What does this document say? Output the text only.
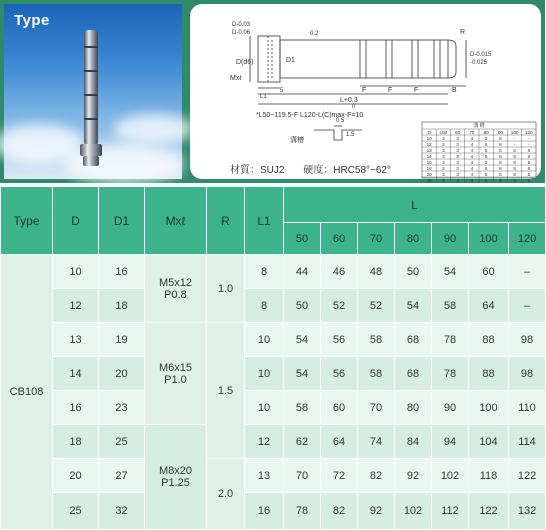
Type	D-0.03
D-0.06	0.2	R
D(d6)	D1
Mxℓ
L1
5	F	F	F	B
L+0.3
0
D-0.015
-0.025
*L50~119.5-F L120-L(C)max-F=10
溝槽
0.5
1.5
溝 槽
D L50 60 70 80 90 100 120
10 3	3	4	5	6	-	-
12 3	3	4	5	6	-	-
13 3	3	4	5	6	6	6
14 3	3	4	5	6	6	6
16 3	3	4	5	6	6	6
18 3	3	4	5	6	6	6
20 3	3	4	5	6	6	6
25 3	3	4	5	6	6	6
材質：SUJ2 硬度：HRC58°~62°
Type	D	D1	Mxℓ	R	L1	L						
						50	60	70	80	90	100	120
CB108	10	16	M5x12
P0.8	1.0	8	44	46	48	50	54	60	–
	12	18			8	50	52	52	54	58	64	–
	13	19	M6x15
P1.0	1.5	10	54	56	58	68	78	88	98
	14	20			10	54	56	58	68	78	88	98
	16	23			10	58	60	70	80	90	100	110
	18	25	M8x20
P1.25		12	62	64	74	84	94	104	114
	20	27		2.0	13	70	72	82	92	102	118	122
	25	32			16	78	82	92	102	112	122	132
